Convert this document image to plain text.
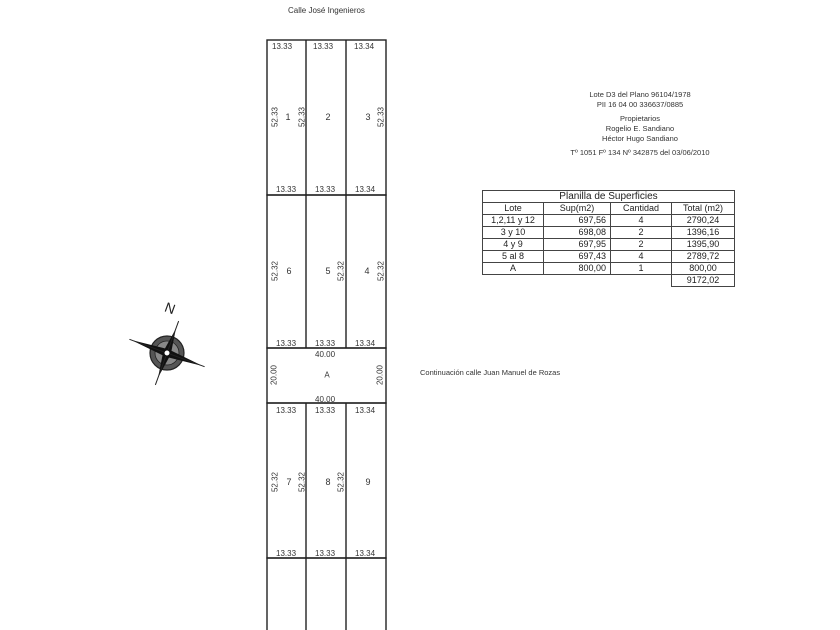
N
Calle José Ingenieros
Continuación calle Juan Manuel de Rozas
Lote D3 del Plano 96104/1978
PII 16 04 00 336637/0885
Propietarios
Rogelio E. Sandiano
Héctor Hugo Sandiano
Tº 1051 Fº 134 Nº 342875 del 03/06/2010
Planilla de Superficies			
Lote	Sup(m2)	Cantidad	Total (m2)
1,2,11 y 12	697,56	4	2790,24
3 y 10	698,08	2	1396,16
4 y 9	697,95	2	1395,90
5 al 8	697,43	4	2789,72
A	800,00	1	800,00
			9172,02
13.33	13.33	13.34
13.33 13.33 13.34
52.33 52.33	52.33
1	2	3
13.33 13.33 13.34
52.32	52.32	52.32
6	5	4
40.00
40.00
20.00	20.00
A
13.33 13.33 13.34
13.33 13.33 13.34
52.32 52.32	52.32
7	8	9
